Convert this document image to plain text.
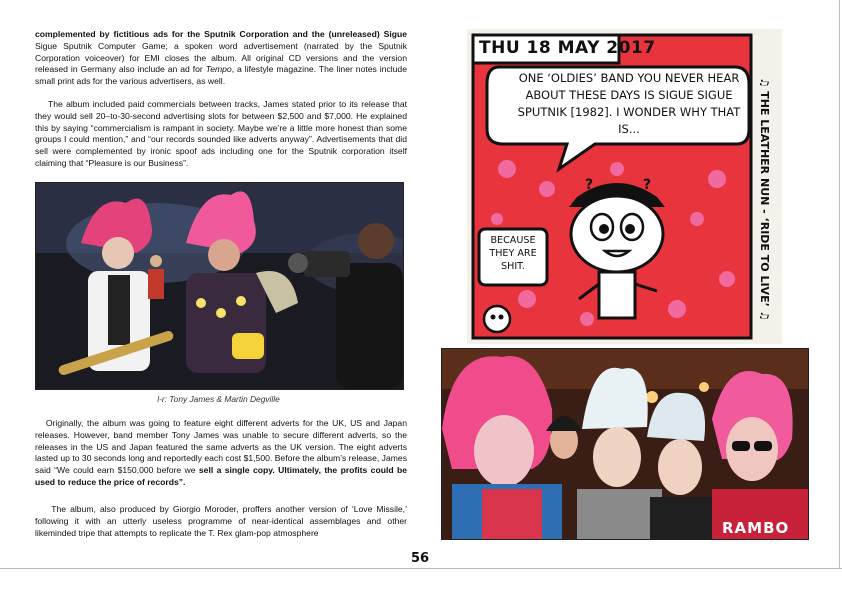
complemented by fictitious ads for the Sputnik Corporation and the (unreleased) Sigue Sigue Sputnik Computer Game; a spoken word advertisement (narrated by the Sputnik Corporation voiceover) for EMI closes the album. All original CD versions and the version released in Germany also include an ad for Tempo, a lifestyle magazine. The liner notes include small print ads for the various advertisers, as well.

The album included paid commercials between tracks, James stated prior to its release that they would sell 20–to-30-second advertising slots for between $2,500 and $7,000. He explained this by saying “commercialism is rampant in society. Maybe we’re a little more honest than some groups I could mention,” and “our records sounded like adverts anyway”. Advertisements that did sell were complemented by ironic spoof ads including one for the Sputnik corporation itself claiming that “Pleasure is our Business”.

l-r: Tony James & Martin Degville

Originally, the album was going to feature eight different adverts for the UK, US and Japan releases. However, band member Tony James was unable to secure different adverts, so the releases in the US and Japan featured the same adverts as the UK version. The eight adverts lasted up to 30 seconds long and reportedly each cost $1,500. Before the album’s release, James said “We could earn $150,000 before we sell a single copy. Ultimately, the profits could be used to reduce the price of records”.

The album, also produced by Giorgio Moroder, proffers another version of ‘Love Missile,’ following it with an utterly useless programme of near-identical assemblages and other likeminded tripe that attempts to replicate the T. Rex glam-pop atmosphere

?	?
THU 18 MAY 2017
ONE ‘OLDIES’ BAND YOU NEVER HEAR ABOUT THESE DAYS IS SIGUE SIGUE SPUTNIK [1982]. I WONDER WHY THAT IS...
BECAUSE THEY ARE SHIT.	♫ THE LEATHER NUN - ‘RIDE TO LIVE’ ♫
RAMBO
56
